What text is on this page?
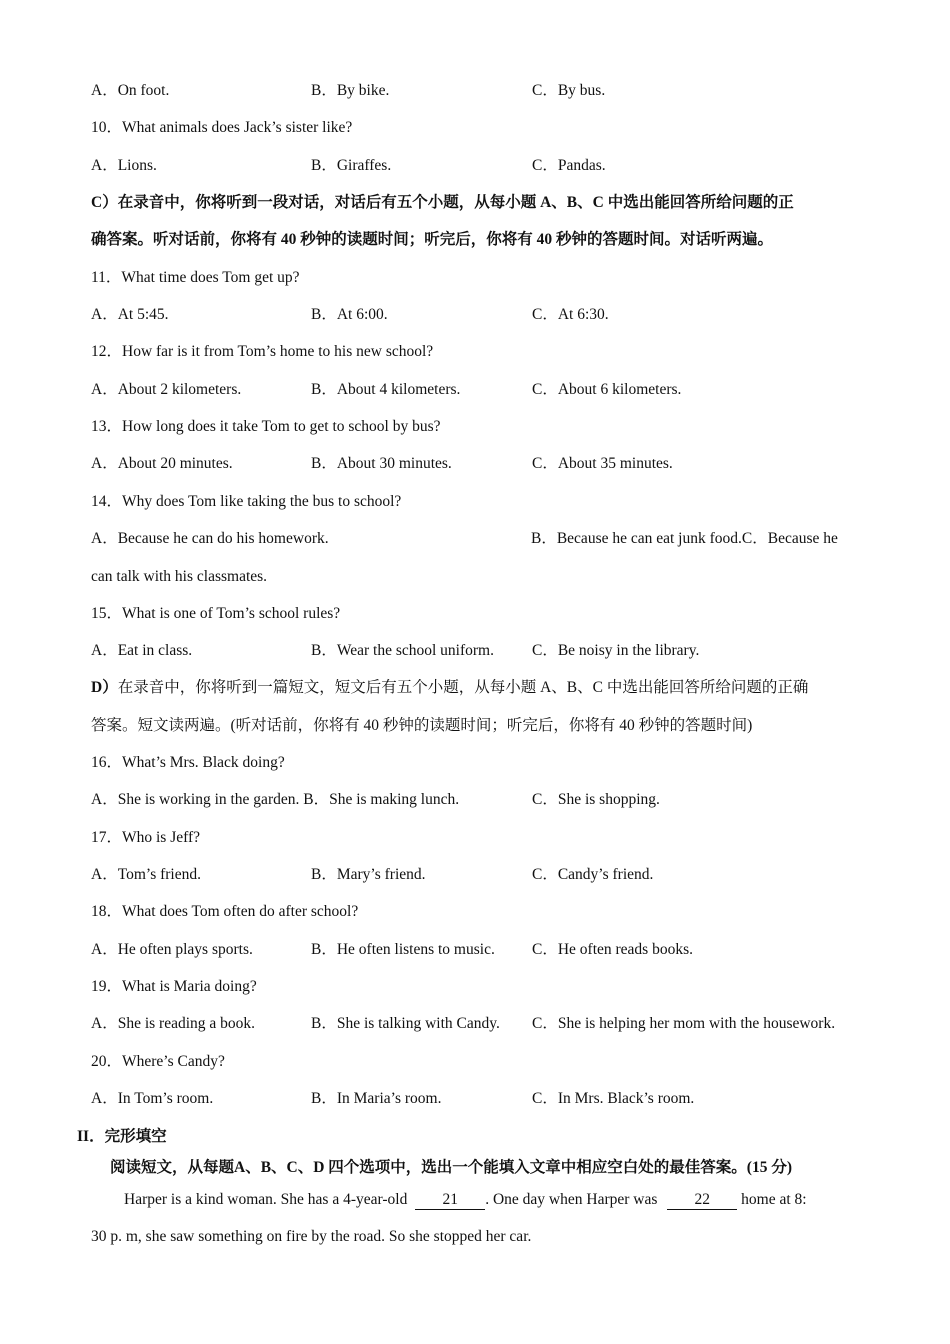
A．On foot.	B．By bike.	C．By bus.
10．What animals does Jack’s sister like?
A．Lions.	B．Giraffes.	C．Pandas.
C）在录音中，你将听到一段对话，对话后有五个小题，从每小题 A、B、C 中选出能回答所给问题的正
确答案。听对话前，你将有 40 秒钟的读题时间；听完后，你将有 40 秒钟的答题时间。对话听两遍。
11．What time does Tom get up?
A．At 5:45.	B．At 6:00.	C．At 6:30.
12．How far is it from Tom’s home to his new school?
A．About 2 kilometers.	B．About 4 kilometers.	C．About 6 kilometers.
13．How long does it take Tom to get to school by bus?
A．About 20 minutes.	B．About 30 minutes.	C．About 35 minutes.
14．Why does Tom like taking the bus to school?
A．Because he can do his homework.	B．Because he can eat junk food.C．Because he
can talk with his classmates.
15．What is one of Tom’s school rules?
A．Eat in class.	B．Wear the school uniform. C．Be noisy in the library.
D）在录音中，你将听到一篇短文，短文后有五个小题，从每小题 A、B、C 中选出能回答所给问题的正确
答案。短文读两遍。(听对话前，你将有 40 秒钟的读题时间；听完后，你将有 40 秒钟的答题时间)
16．What’s Mrs. Black doing?
A．She is working in the garden. B．She is making lunch.	C．She is shopping.
17．Who is Jeff?
A．Tom’s friend.	B．Mary’s friend.	C．Candy’s friend.
18．What does Tom often do after school?
A．He often plays sports.	B．He often listens to music. C．He often reads books.
19．What is Maria doing?
A．She is reading a book.	B．She is talking with Candy. C．She is helping her mom with the housework.
20．Where’s Candy?
A．In Tom’s room.	B．In Maria’s room.	C．In Mrs. Black’s room.
II．完形填空
阅读短文，从每题A、B、C、D 四个选项中，选出一个能填入文章中相应空白处的最佳答案。(15 分)
Harper is a kind woman. She has a 4-year-old 21 . One day when Harper was 22 home at 8:
30 p. m, she saw something on fire by the road. So she stopped her car.
